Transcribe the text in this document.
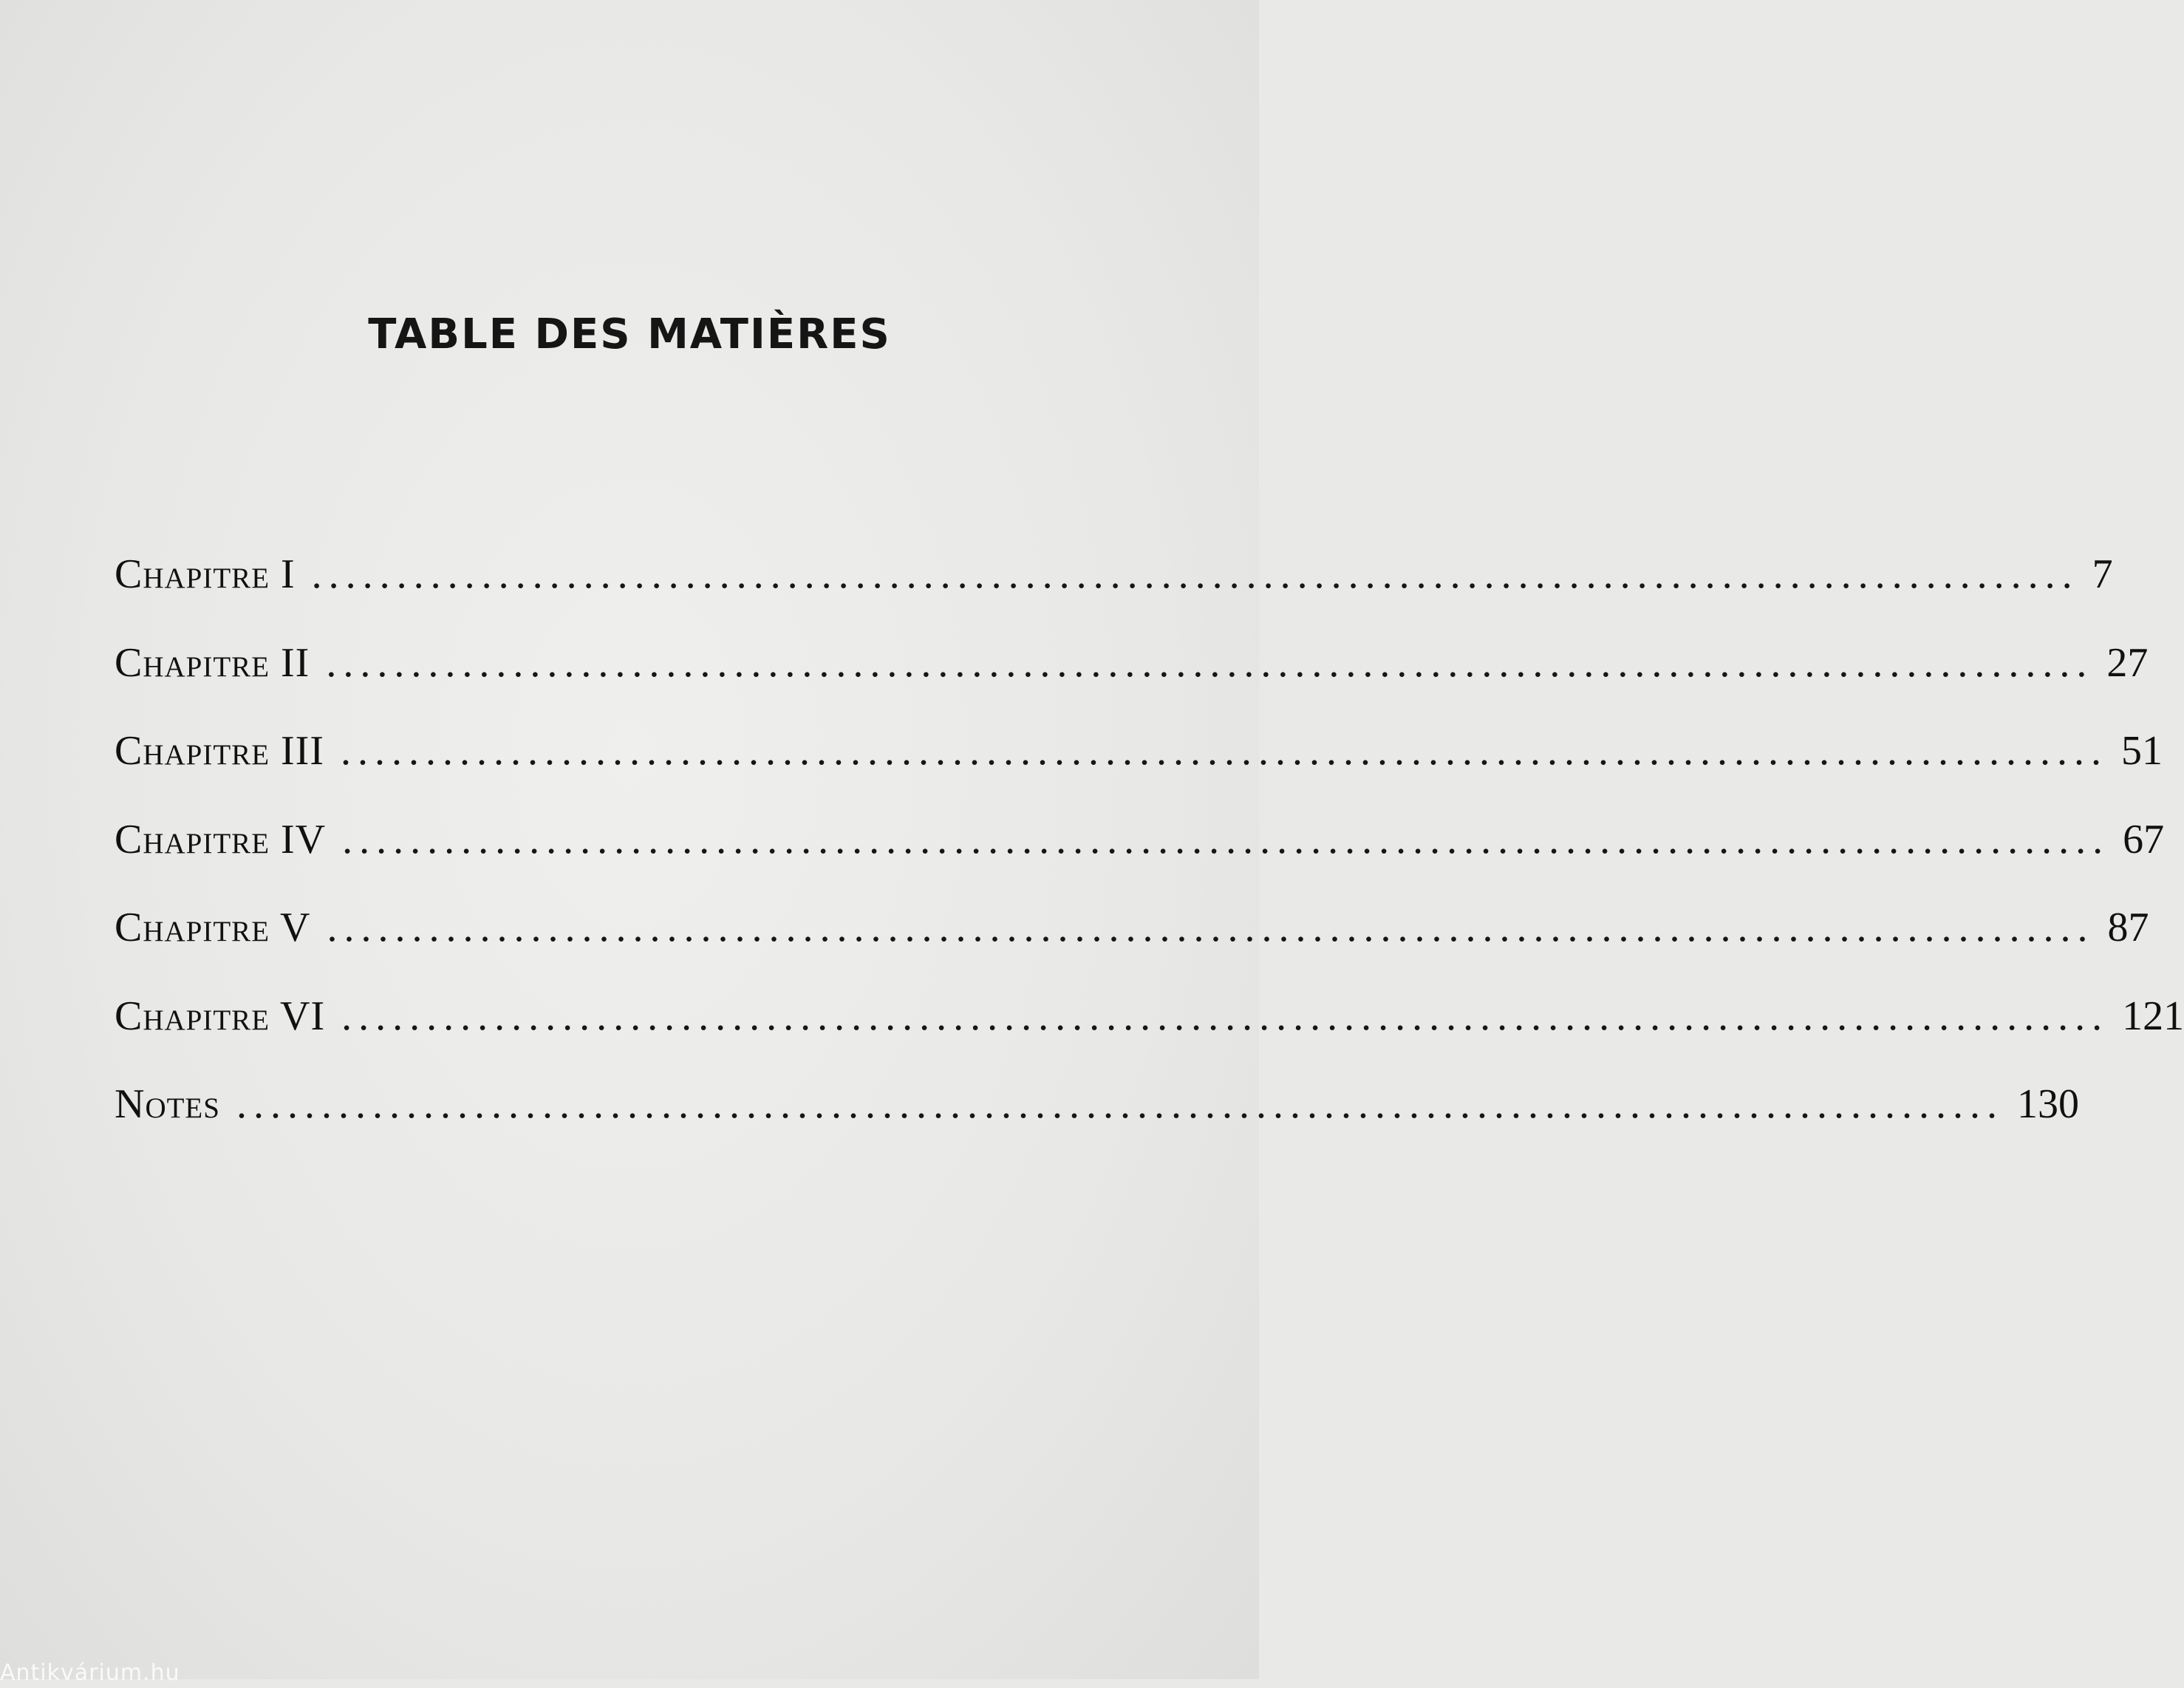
TABLE DES MATIÈRES
Chapitre I ........................................................................................................ 7
Chapitre II ........................................................................................................ 27
Chapitre III ........................................................................................................ 51
Chapitre IV ........................................................................................................ 67
Chapitre V ........................................................................................................ 87
Chapitre VI ........................................................................................................ 121
Notes ........................................................................................................ 130
Antikvárium.hu
